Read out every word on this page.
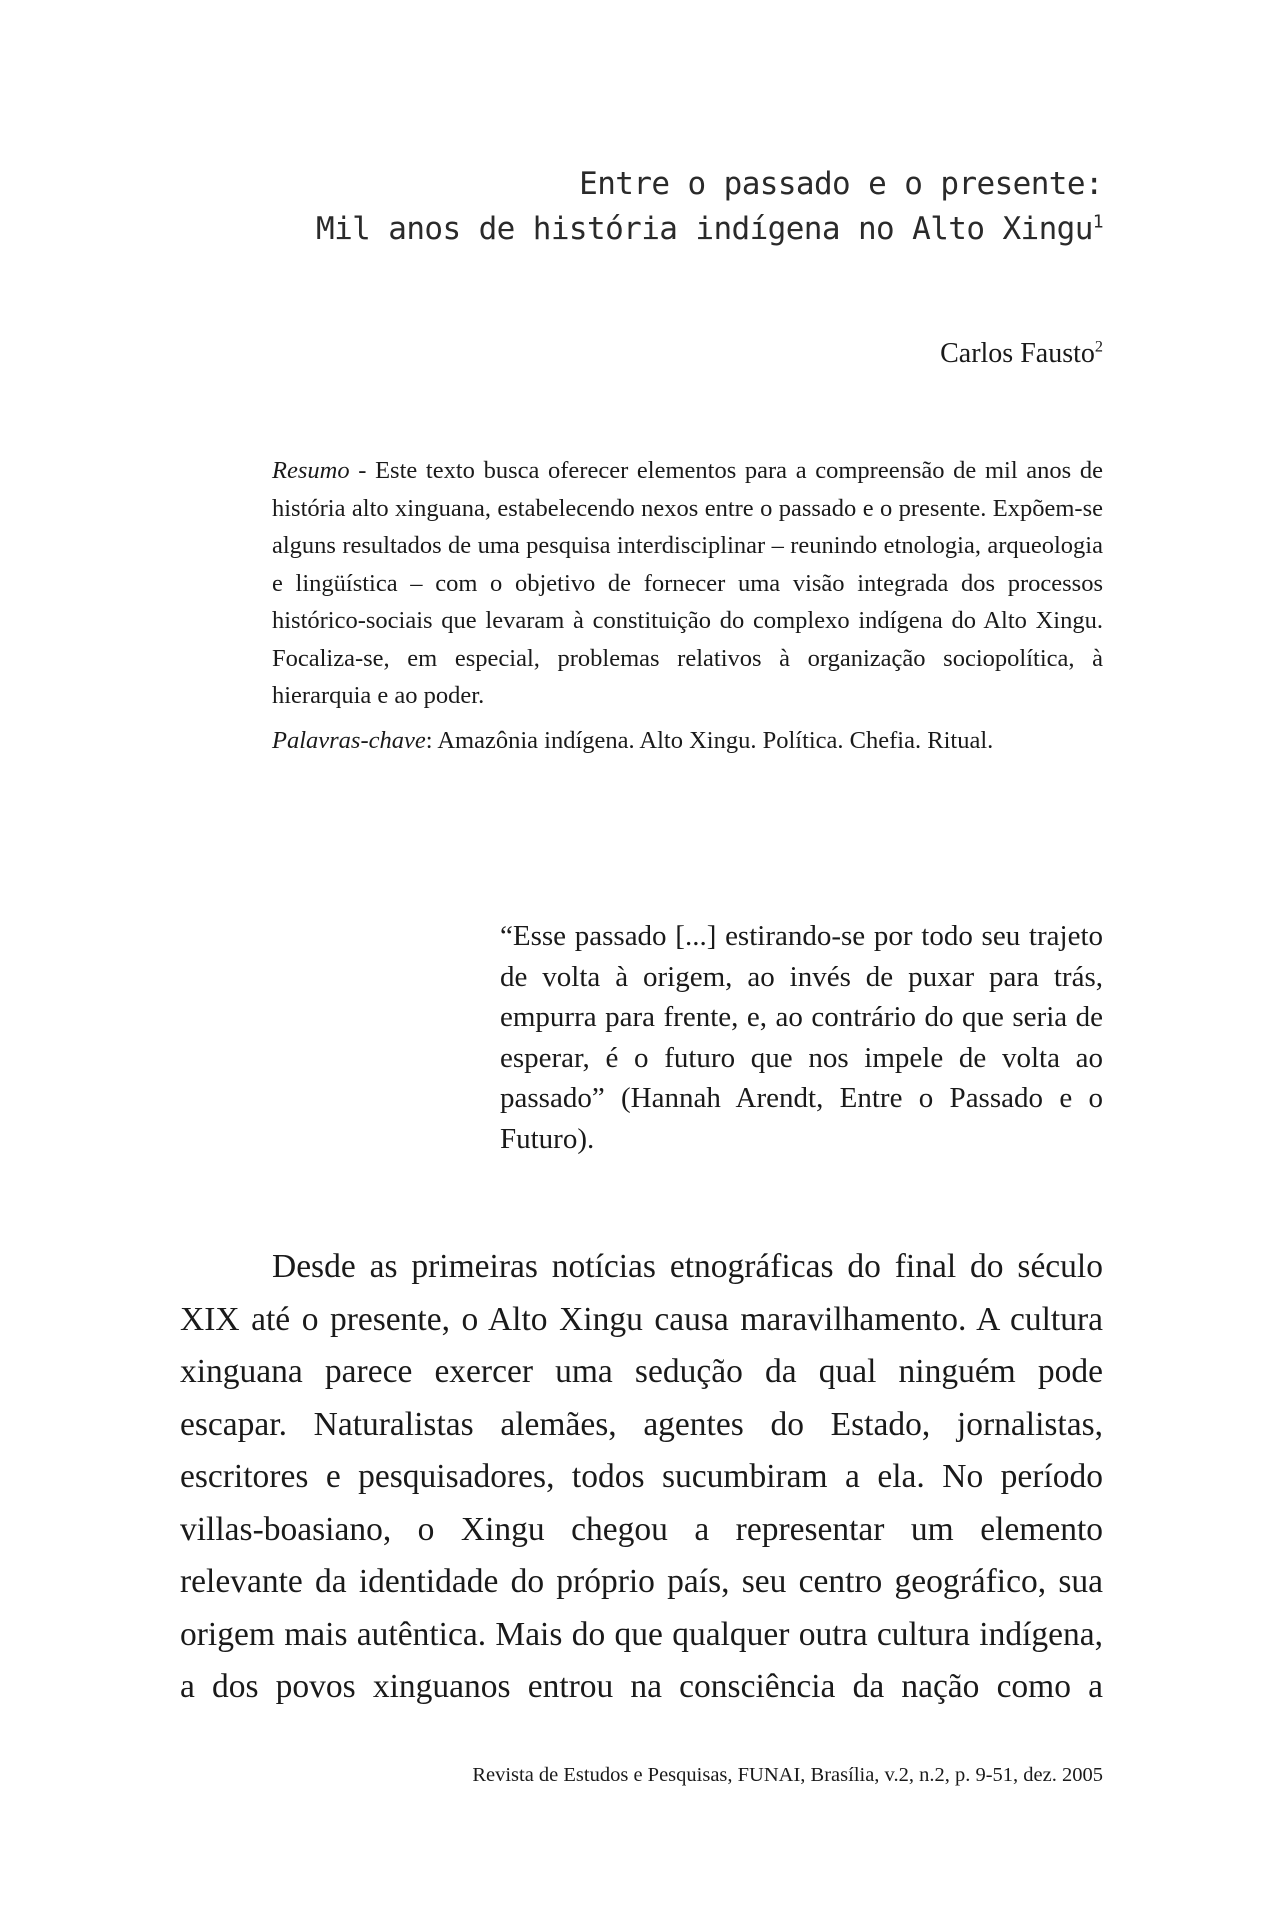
Entre o passado e o presente:
Mil anos de história indígena no Alto Xingu$^1$
Carlos Fausto$^2$

Resumo - Este texto busca oferecer elementos para a compreensão de mil anos de história alto xinguana, estabelecendo nexos entre o passado e o presente. Expõem-se alguns resultados de uma pesquisa interdisciplinar – reunindo etnologia, arqueologia e lingüística – com o objetivo de fornecer uma visão integrada dos processos histórico-sociais que levaram à constituição do complexo indígena do Alto Xingu. Focaliza-se, em especial, problemas relativos à organização sociopolítica, à hierarquia e ao poder.

Palavras-chave: Amazônia indígena. Alto Xingu. Política. Chefia. Ritual.

“Esse passado [...] estirando-se por todo seu trajeto de volta à origem, ao invés de puxar para trás, empurra para frente, e, ao contrário do que seria de esperar, é o futuro que nos impele de volta ao passado” (Hannah Arendt, Entre o Passado e o Futuro).

Desde as primeiras notícias etnográficas do final do século XIX até o presente, o Alto Xingu causa maravilhamento. A cultura xinguana parece exercer uma sedução da qual ninguém pode escapar. Naturalistas alemães, agentes do Estado, jornalistas, escritores e pesquisadores, todos sucumbiram a ela. No período villas-boasiano, o Xingu chegou a representar um elemento relevante da identidade do próprio país, seu centro geográfico, sua origem mais autêntica. Mais do que qualquer outra cultura indígena, a dos povos xinguanos entrou na consciência da nação como a

Revista de Estudos e Pesquisas, FUNAI, Brasília, v.2, n.2, p. 9-51, dez. 2005
